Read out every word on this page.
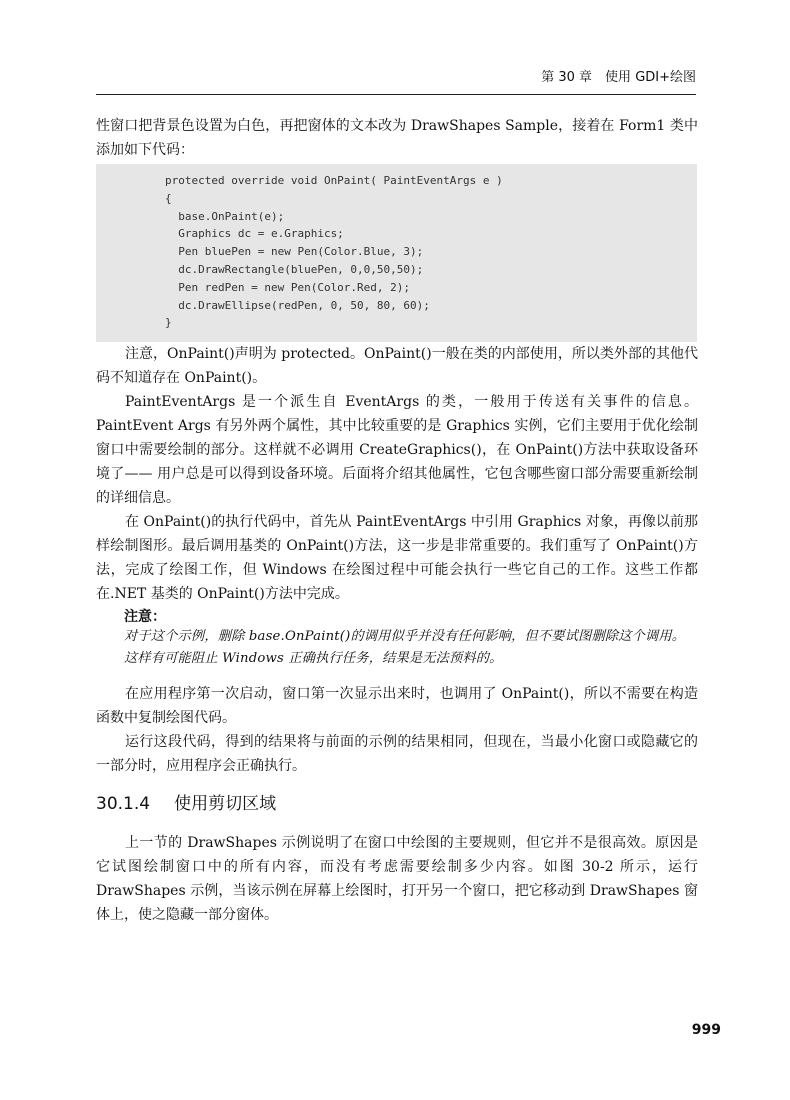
第 30 章　使用 GDI+绘图

性窗口把背景色设置为白色，再把窗体的文本改为 DrawShapes Sample，接着在 Form1 类中添加如下代码：

protected override void OnPaint( PaintEventArgs e )
{
base.OnPaint(e);
Graphics dc = e.Graphics;
Pen bluePen = new Pen(Color.Blue, 3);
dc.DrawRectangle(bluePen, 0,0,50,50);
Pen redPen = new Pen(Color.Red, 2);
dc.DrawEllipse(redPen, 0, 50, 80, 60);
}

注意，OnPaint()声明为 protected。OnPaint()一般在类的内部使用，所以类外部的其他代码不知道存在 OnPaint()。

PaintEventArgs 是一个派生自 EventArgs 的类，一般用于传送有关事件的信息。PaintEvent Args 有另外两个属性，其中比较重要的是 Graphics 实例，它们主要用于优化绘制窗口中需要绘制的部分。这样就不必调用 CreateGraphics()，在 OnPaint()方法中获取设备环境了—— 用户总是可以得到设备环境。后面将介绍其他属性，它包含哪些窗口部分需要重新绘制的详细信息。

在 OnPaint()的执行代码中，首先从 PaintEventArgs 中引用 Graphics 对象，再像以前那样绘制图形。最后调用基类的 OnPaint()方法，这一步是非常重要的。我们重写了 OnPaint()方法，完成了绘图工作，但 Windows 在绘图过程中可能会执行一些它自己的工作。这些工作都在.NET 基类的 OnPaint()方法中完成。

注意：
对于这个示例，删除 base.OnPaint()的调用似乎并没有任何影响，但不要试图删除这个调用。这样有可能阻止 Windows 正确执行任务，结果是无法预料的。

在应用程序第一次启动，窗口第一次显示出来时，也调用了 OnPaint()，所以不需要在构造函数中复制绘图代码。

运行这段代码，得到的结果将与前面的示例的结果相同，但现在，当最小化窗口或隐藏它的一部分时，应用程序会正确执行。

30.1.4 使用剪切区域

上一节的 DrawShapes 示例说明了在窗口中绘图的主要规则，但它并不是很高效。原因是它试图绘制窗口中的所有内容，而没有考虑需要绘制多少内容。如图 30-2 所示，运行 DrawShapes 示例，当该示例在屏幕上绘图时，打开另一个窗口，把它移动到 DrawShapes 窗体上，使之隐藏一部分窗体。

999
